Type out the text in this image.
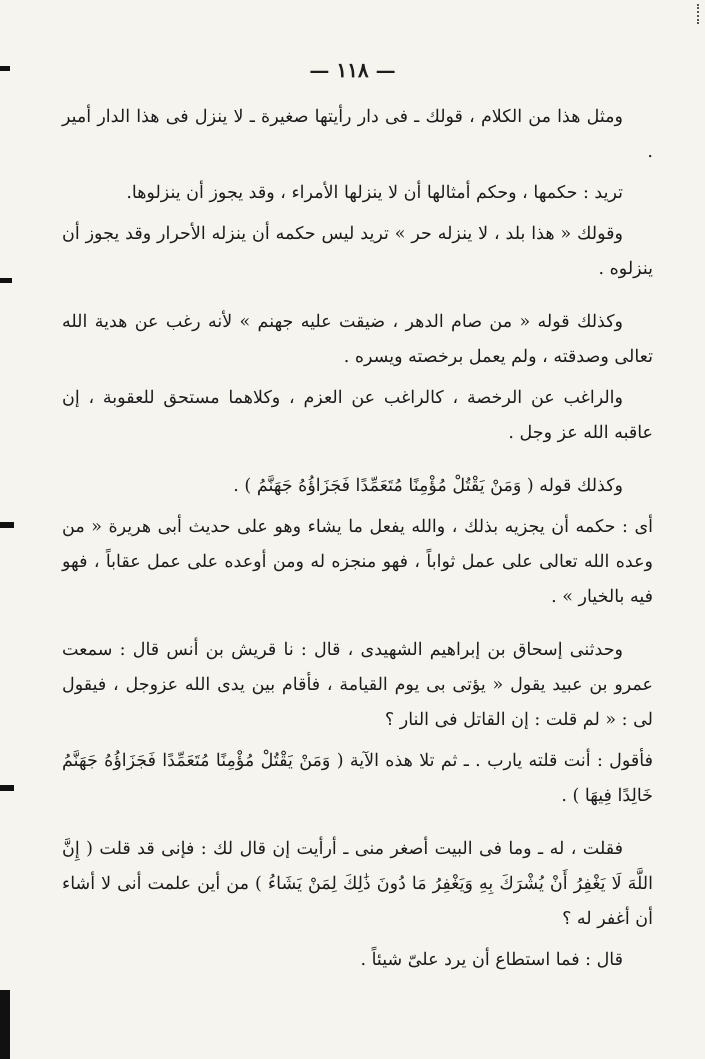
— ١١٨ —

ومثل هذا من الكلام ، قولك ـ فى دار رأيتها صغيرة ـ لا ينزل فى هذا الدار أمير .

تريد : حكمها ، وحكم أمثالها أن لا ينزلها الأمراء ، وقد يجوز أن ينزلوها.

وقولك « هذا بلد ، لا ينزله حر » تريد ليس حكمه أن ينزله الأحرار وقد يجوز أن ينزلوه .

وكذلك قوله « من صام الدهر ، ضيقت عليه جهنم » لأنه رغب عن هدية الله تعالى وصدقته ، ولم يعمل برخصته ويسره .

والراغب عن الرخصة ، كالراغب عن العزم ، وكلاهما مستحق للعقوبة ، إن عاقبه الله عز وجل .

وكذلك قوله ( وَمَنْ يَقْتُلْ مُؤْمِنًا مُتَعَمِّدًا فَجَزَاؤُهُ جَهَنَّمُ ) .

أى : حكمه أن يجزيه بذلك ، والله يفعل ما يشاء وهو على حديث أبى هريرة « من وعده الله تعالى على عمل ثواباً ، فهو منجزه له ومن أوعده على عمل عقاباً ، فهو فيه بالخيار » .

وحدثنى إسحاق بن إبراهيم الشهيدى ، قال : نا قريش بن أنس قال : سمعت عمرو بن عبيد يقول « يؤتى بى يوم القيامة ، فأقام بين يدى الله عزوجل ، فيقول لى : « لم قلت : إن القاتل فى النار ؟

فأقول : أنت قلته يارب . ـ ثم تلا هذه الآية ( وَمَنْ يَقْتُلْ مُؤْمِنًا مُتَعَمِّدًا فَجَزَاؤُهُ جَهَنَّمُ خَالِدًا فِيهَا ) .

فقلت ، له ـ وما فى البيت أصغر منى ـ أرأيت إن قال لك : فإنى قد قلت ( إِنَّ اللَّهَ لَا يَغْفِرُ أَنْ يُشْرَكَ بِهِ وَيَغْفِرُ مَا دُونَ ذَٰلِكَ لِمَنْ يَشَاءُ ) من أين علمت أنى لا أشاء أن أغفر له ؟

قال : فما استطاع أن يرد علىّ شيئاً .
